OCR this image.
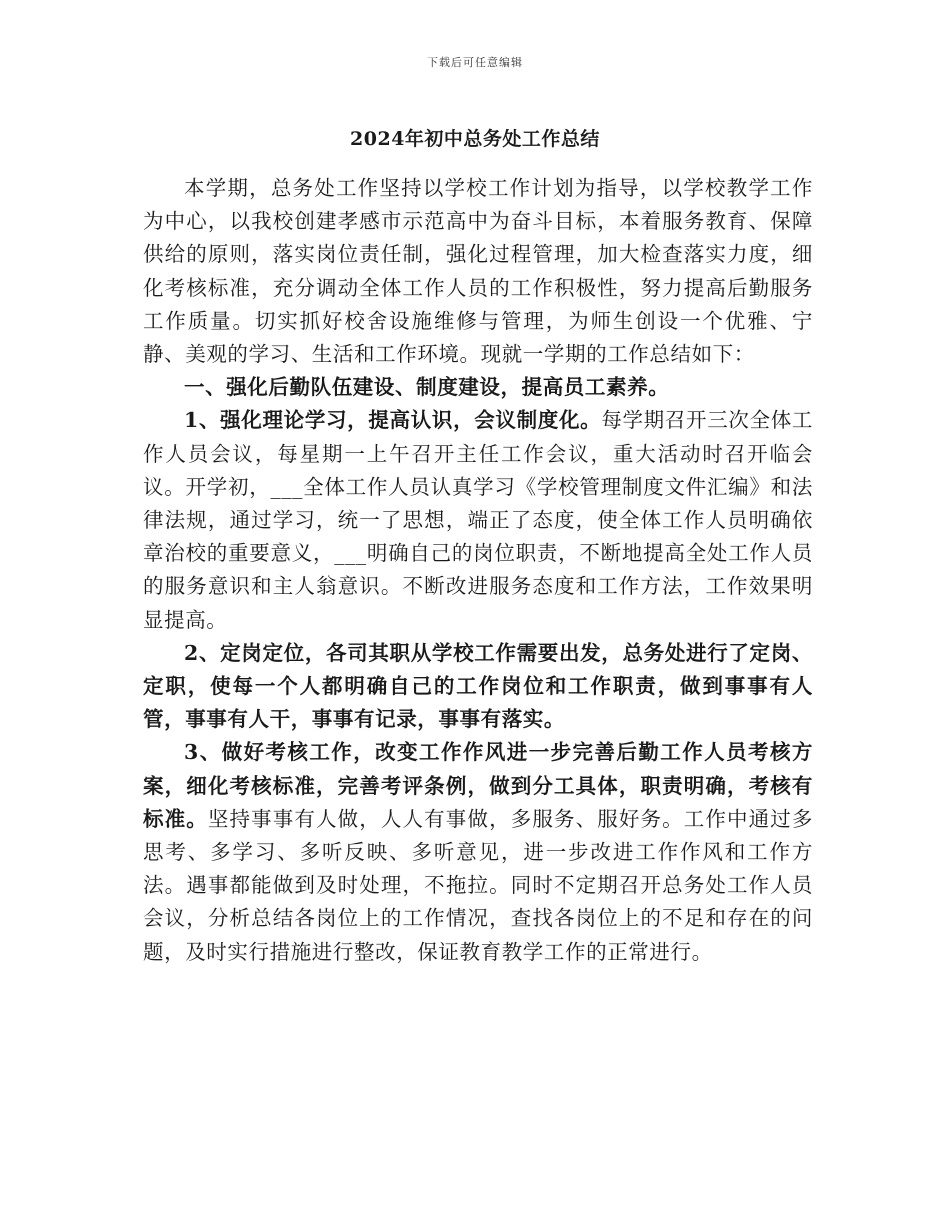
下载后可任意编辑
2024年初中总务处工作总结

本学期，总务处工作坚持以学校工作计划为指导，以学校教学工作为中心，以我校创建孝感市示范高中为奋斗目标，本着服务教育、保障供给的原则，落实岗位责任制，强化过程管理，加大检查落实力度，细化考核标准，充分调动全体工作人员的工作积极性，努力提高后勤服务工作质量。切实抓好校舍设施维修与管理，为师生创设一个优雅、宁静、美观的学习、生活和工作环境。现就一学期的工作总结如下：

一、强化后勤队伍建设、制度建设，提高员工素养。

1、强化理论学习，提高认识，会议制度化。每学期召开三次全体工作人员会议，每星期一上午召开主任工作会议，重大活动时召开临会议。开学初，___全体工作人员认真学习《学校管理制度文件汇编》和法律法规，通过学习，统一了思想，端正了态度，使全体工作人员明确依章治校的重要意义，___明确自己的岗位职责，不断地提高全处工作人员的服务意识和主人翁意识。不断改进服务态度和工作方法，工作效果明显提高。

2、定岗定位，各司其职从学校工作需要出发，总务处进行了定岗、定职，使每一个人都明确自己的工作岗位和工作职责，做到事事有人管，事事有人干，事事有记录，事事有落实。

3、做好考核工作，改变工作作风进一步完善后勤工作人员考核方案，细化考核标准，完善考评条例，做到分工具体，职责明确，考核有标准。坚持事事有人做，人人有事做，多服务、服好务。工作中通过多思考、多学习、多听反映、多听意见，进一步改进工作作风和工作方法。遇事都能做到及时处理，不拖拉。同时不定期召开总务处工作人员会议，分析总结各岗位上的工作情况，查找各岗位上的不足和存在的问题，及时实行措施进行整改，保证教育教学工作的正常进行。
